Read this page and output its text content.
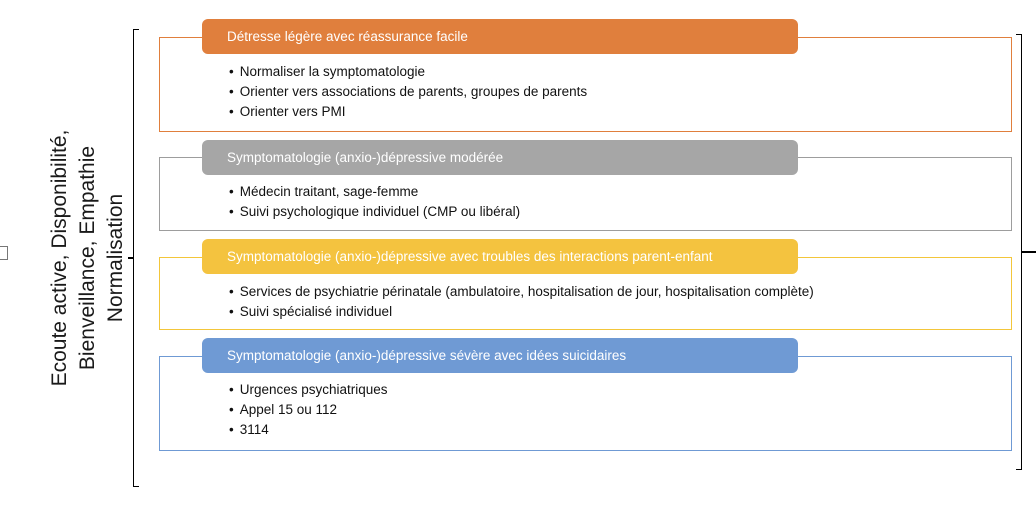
Ecoute active, Disponibilité, Bienveillance, Empathie Normalisation
Détresse légère avec réassurance facile
• Normaliser la symptomatologie
• Orienter vers associations de parents, groupes de parents
• Orienter vers PMI
Symptomatologie (anxio-)dépressive modérée
• Médecin traitant, sage-femme
• Suivi psychologique individuel (CMP ou libéral)
Symptomatologie (anxio-)dépressive avec troubles des interactions parent-enfant
• Services de psychiatrie périnatale (ambulatoire, hospitalisation de jour, hospitalisation complète)
• Suivi spécialisé individuel
Symptomatologie (anxio-)dépressive sévère avec idées suicidaires
• Urgences psychiatriques
• Appel 15 ou 112
• 3114
